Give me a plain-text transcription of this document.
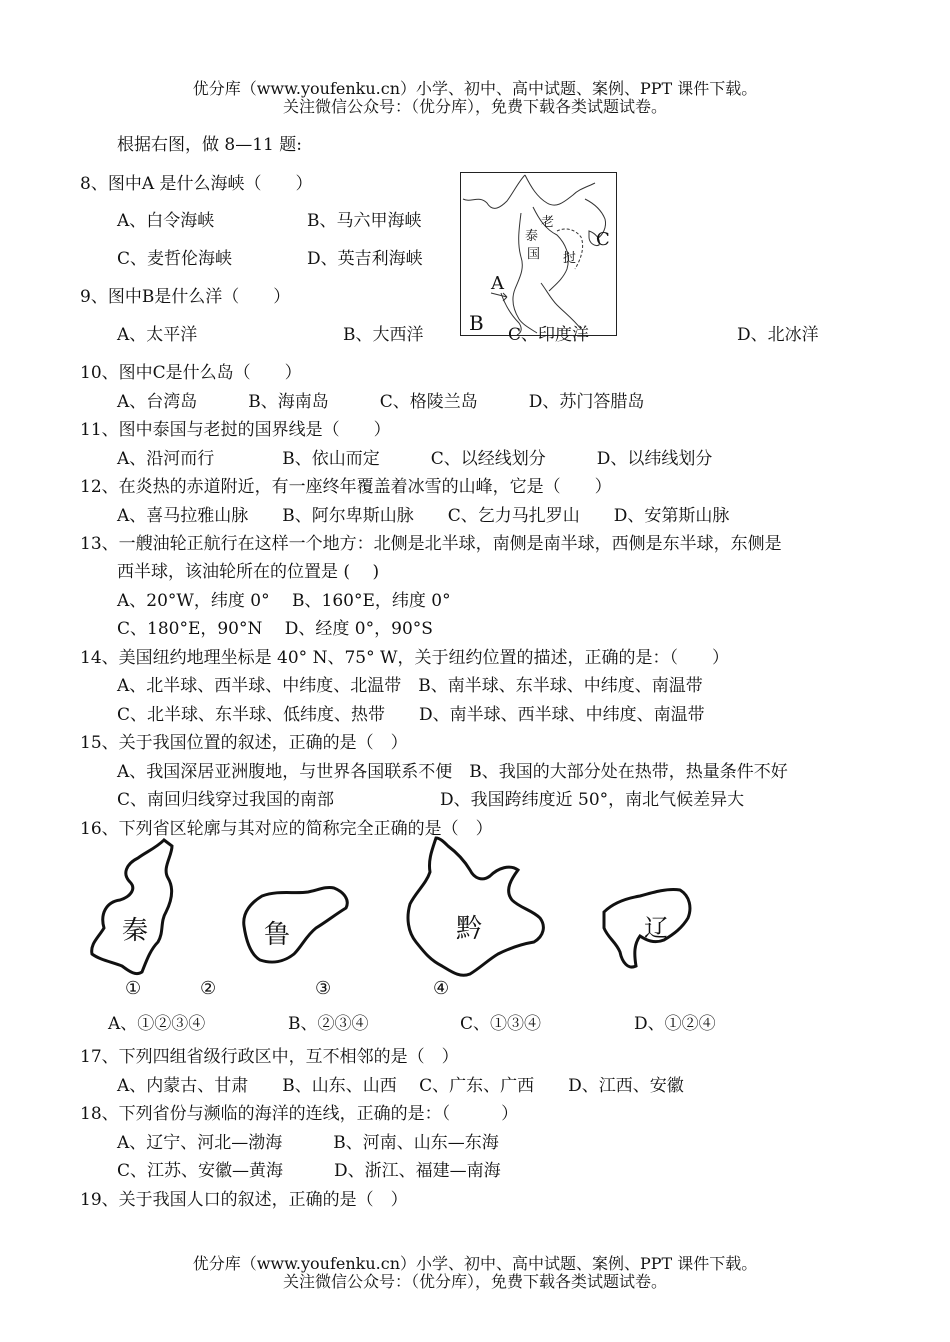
优分库（www.youfenku.cn）小学、初中、高中试题、案例、PPT 课件下载。
关注微信公众号：（优分库），免费下载各类试题试卷。
根据右图，做 8—11 题:
A
B
C
泰
国
老
挝
8、图中A 是什么海峡（　　）
A、白令海峡	B、马六甲海峡
C、麦哲伦海峡	D、英吉利海峡
9、图中B是什么洋（　　）
A、太平洋	B、大西洋	C、印度洋	D、北冰洋
10、图中C是什么岛（　　）
A、台湾岛　　　B、海南岛　　　C、格陵兰岛　　　D、苏门答腊岛
11、图中泰国与老挝的国界线是（　　）
A、沿河而行　　　　B、依山而定　　　C、以经线划分　　　D、以纬线划分
12、在炎热的赤道附近，有一座终年覆盖着冰雪的山峰，它是（　　）
A、喜马拉雅山脉　　B、阿尔卑斯山脉　　C、乞力马扎罗山　　D、安第斯山脉
13、一艘油轮正航行在这样一个地方：北侧是北半球，南侧是南半球，西侧是东半球，东侧是
西半球，该油轮所在的位置是 (　 )
A、20°W，纬度 0°　 B、160°E，纬度 0°
C、180°E，90°N　 D、经度 0°，90°S
14、美国纽约地理坐标是 40° N、75° W，关于纽约位置的描述，正确的是：（　　）
A、北半球、西半球、中纬度、北温带　B、南半球、东半球、中纬度、南温带
C、北半球、东半球、低纬度、热带　　D、南半球、西半球、中纬度、南温带
15、关于我国位置的叙述，正确的是（　）
A、我国深居亚洲腹地，与世界各国联系不便　B、我国的大部分处在热带，热量条件不好
C、南回归线穿过我国的南部	D、我国跨纬度近 50°，南北气候差异大
16、下列省区轮廓与其对应的简称完全正确的是（　）
秦	鲁	黔	辽
①	②	③	④
A、①②③④	B、②③④	C、①③④	D、①②④
17、下列四组省级行政区中，互不相邻的是（　）
A、内蒙古、甘肃　　B、山东、山西　 C、广东、广西　　D、江西、安徽
18、下列省份与濒临的海洋的连线，正确的是：（　　　）
A、辽宁、河北—渤海　　　B、河南、山东—东海
C、江苏、安徽—黄海　　　D、浙江、福建—南海
19、关于我国人口的叙述，正确的是（　）
优分库（www.youfenku.cn）小学、初中、高中试题、案例、PPT 课件下载。
关注微信公众号：（优分库），免费下载各类试题试卷。
